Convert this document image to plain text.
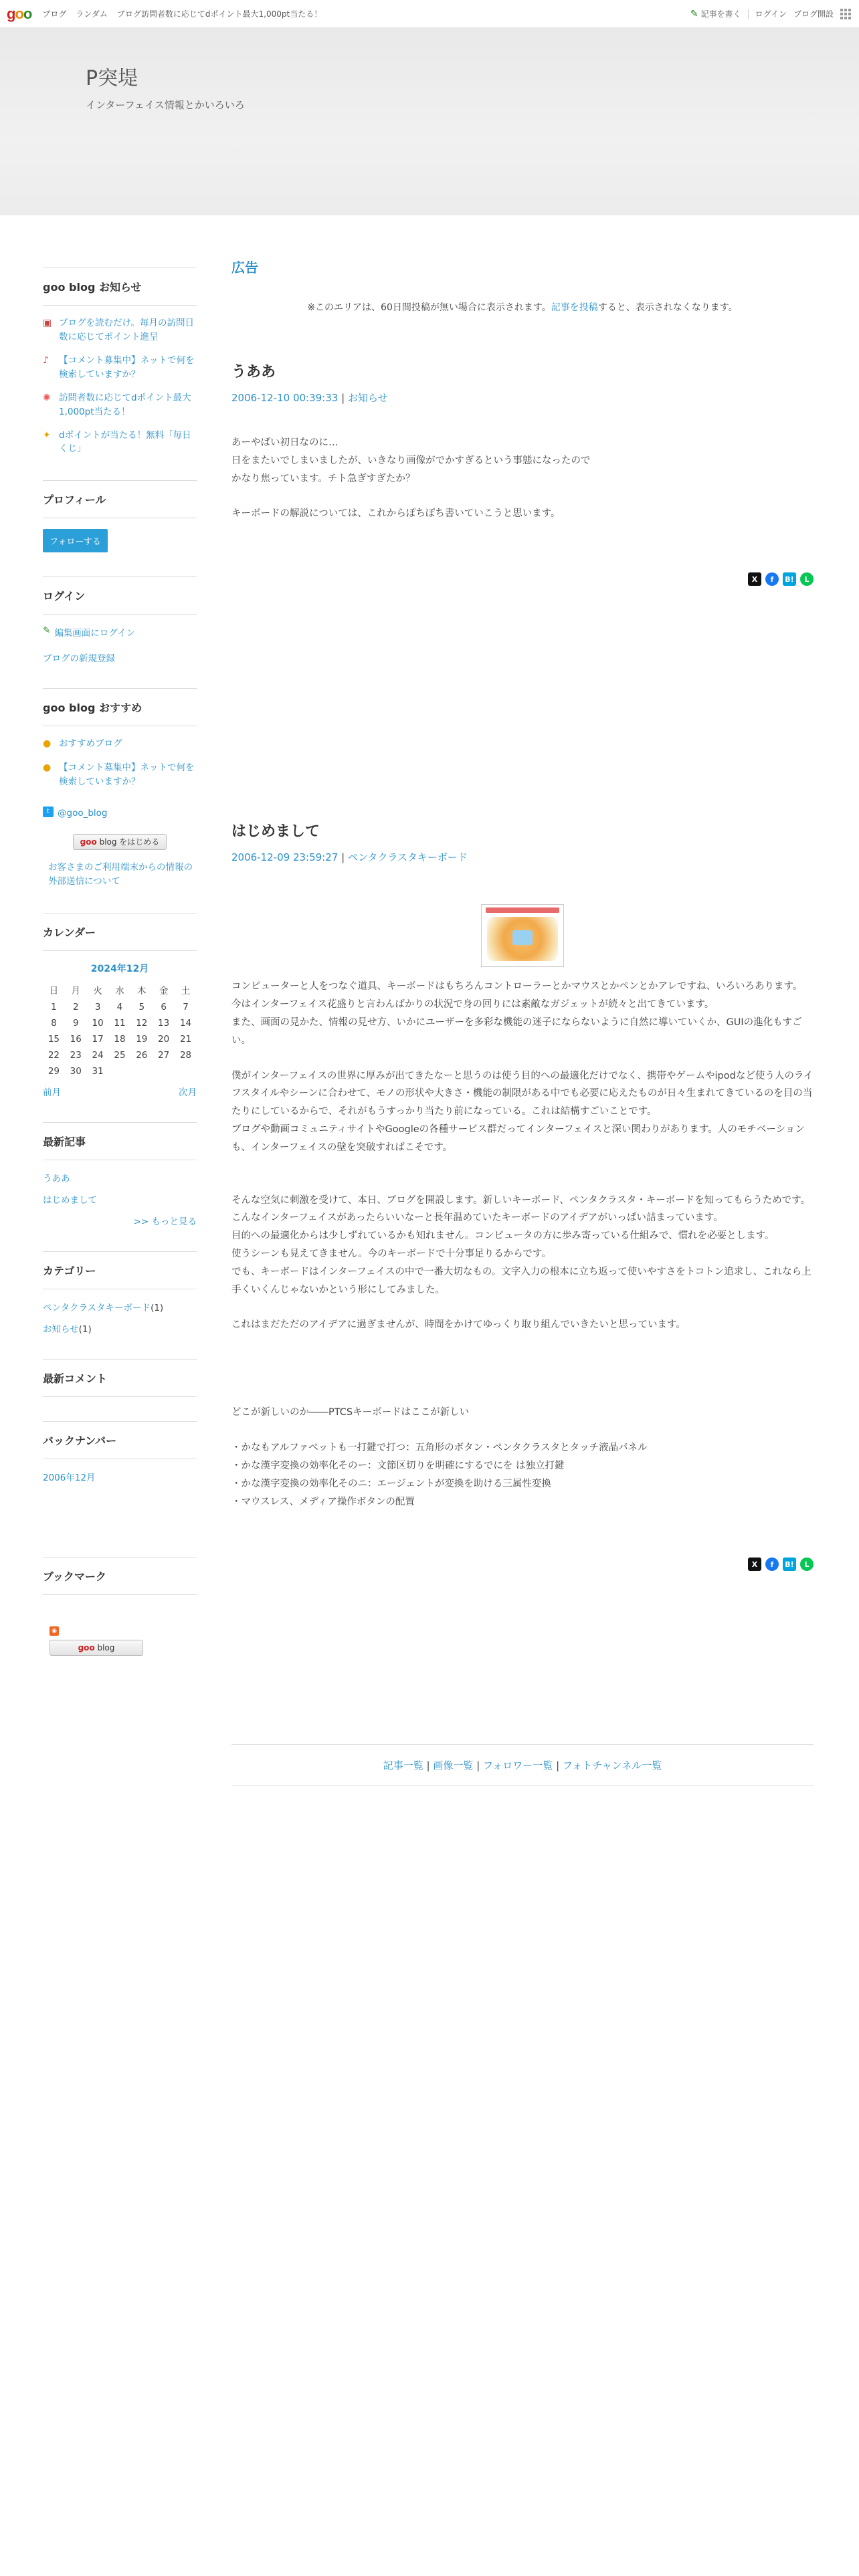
goo ブログ ランダム ブログ訪問者数に応じてdポイント最大1,000pt当たる！	✎ 記事を書く ログイン ブログ開設
P突堤
インターフェイス情報とかいろいろ
goo blog お知らせ
▣ ブログを読むだけ。毎月の訪問日数に応じてポイント進呈
♪	【コメント募集中】ネットで何を検索していますか？
✺ 訪問者数に応じてdポイント最大1,000pt当たる！
✦ dポイントが当たる！無料「毎日くじ」
プロフィール
フォローする
ログイン
✎ 編集画面にログイン
ブログの新規登録
goo blog おすすめ
● おすすめブログ
● 【コメント募集中】ネットで何を検索していますか？
t @goo_blog
goo blog をはじめる
お客さまのご利用端末からの情報の外部送信について
カレンダー
2024年12月
日	月	火	水	木	金	土
1	2	3	4	5	6	7
8	9	10	11	12	13	14
15	16	17	18	19	20	21
22	23	24	25	26	27	28
29	30	31				
前月	次月
最新記事
うああ
はじめまして
>> もっと見る
カテゴリー
ペンタクラスタキーボード(1)
お知らせ(1)
最新コメント
バックナンバー
2006年12月
ブックマーク
◉
goo blog
広告

※このエリアは、60日間投稿が無い場合に表示されます。記事を投稿すると、表示されなくなります。

うああ
2006-12-10 00:39:33 | お知らせ

あーやばい初日なのに…

日をまたいでしまいましたが、いきなり画像がでかすぎるという事態になったので

かなり焦っています。チト急ぎすぎたか？

キーボードの解説については、これからぽちぽち書いていこうと思います。

X	f	B!	L
はじめまして
2006-12-09 23:59:27 | ペンタクラスタキーボード

コンピューターと人をつなぐ道具、キーボードはもちろんコントローラーとかマウスとかペンとかアレですね、いろいろあります。

今はインターフェイス花盛りと言わんばかりの状況で身の回りには素敵なガジェットが続々と出てきています。

また、画面の見かた、情報の見せ方、いかにユーザーを多彩な機能の迷子にならないように自然に導いていくか、GUIの進化もすごい。

僕がインターフェイスの世界に厚みが出てきたなーと思うのは使う目的への最適化だけでなく、携帯やゲームやipodなど使う人のライフスタイルやシーンに合わせて、モノの形状や大きさ・機能の制限がある中でも必要に応えたものが日々生まれてきているのを目の当たりにしているからで、それがもうすっかり当たり前になっている。これは結構すごいことです。

ブログや動画コミュニティサイトやGoogleの各種サービス群だってインターフェイスと深い関わりがあります。人のモチベーションも、インターフェイスの壁を突破すればこそです。

そんな空気に刺激を受けて、本日、ブログを開設します。新しいキーボード、ペンタクラスタ・キーボードを知ってもらうためです。

こんなインターフェイスがあったらいいなーと長年温めていたキーボードのアイデアがいっぱい詰まっています。

目的への最適化からは少しずれているかも知れません。コンピュータの方に歩み寄っている仕組みで、慣れを必要とします。

使うシーンも見えてきません。今のキーボードで十分事足りるからです。

でも、キーボードはインターフェイスの中で一番大切なもの。文字入力の根本に立ち返って使いやすさをトコトン追求し、これなら上手くいくんじゃないかという形にしてみました。

これはまだただのアイデアに過ぎませんが、時間をかけてゆっくり取り組んでいきたいと思っています。

どこが新しいのか――PTCSキーボードはここが新しい

・かなもアルファベットも一打鍵で打つ：五角形のボタン・ペンタクラスタとタッチ液晶パネル

・かな漢字変換の効率化そのー：文節区切りを明確にするでにを は独立打鍵

・かな漢字変換の効率化そのニ：エージェントが変換を助ける三属性変換

・マウスレス、メディア操作ボタンの配置

X	f	B!	L
記事一覧 | 画像一覧 | フォロワー一覧 | フォトチャンネル一覧
